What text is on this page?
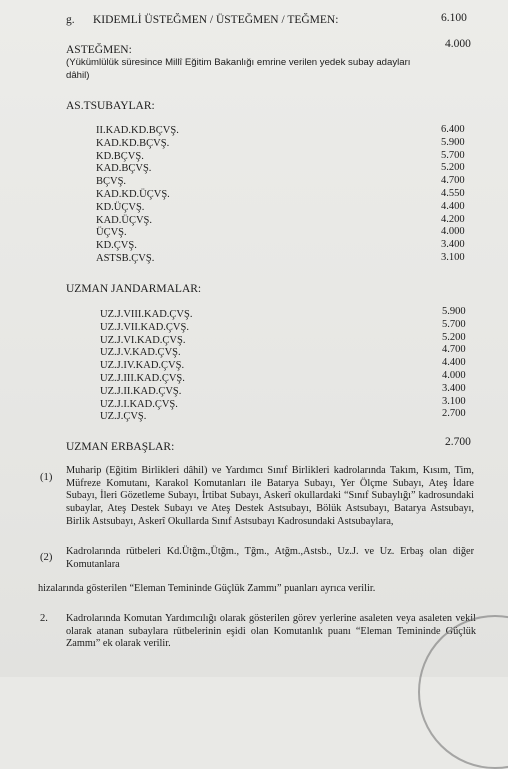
g. KIDEMLİ ÜSTEĞMEN / ÜSTEĞMEN / TEĞMEN:	6.100
ASTEĞMEN:	4.000
(Yükümlülük süresince Millî Eğitim Bakanlığı emrine verilen yedek subay adayları
dâhil)
AS.TSUBAYLAR:
II.KAD.KD.BÇVŞ.	6.400
KAD.KD.BÇVŞ.	5.900
KD.BÇVŞ.	5.700
KAD.BÇVŞ.	5.200
BÇVŞ.	4.700
KAD.KD.ÜÇVŞ.	4.550
KD.ÜÇVŞ.	4.400
KAD.ÜÇVŞ.	4.200
ÜÇVŞ.	4.000
KD.ÇVŞ.	3.400
ASTSB.ÇVŞ.	3.100
UZMAN JANDARMALAR:
UZ.J.VIII.KAD.ÇVŞ.	5.900
UZ.J.VII.KAD.ÇVŞ.	5.700
UZ.J.VI.KAD.ÇVŞ.	5.200
UZ.J.V.KAD.ÇVŞ.	4.700
UZ.J.IV.KAD.ÇVŞ.	4.400
UZ.J.III.KAD.ÇVŞ.	4.000
UZ.J.II.KAD.ÇVŞ.	3.400
UZ.J.I.KAD.ÇVŞ.	3.100
UZ.J.ÇVŞ.	2.700
UZMAN ERBAŞLAR:	2.700
(1)
Muharip (Eğitim Birlikleri dâhil) ve Yardımcı Sınıf Birlikleri kadrolarında Takım, Kısım, Tim, Müfreze Komutanı, Karakol Komutanları ile Batarya Subayı, Yer Ölçme Subayı, Ateş İdare Subayı, İleri Gözetleme Subayı, İrtibat Subayı, Askerî okullardaki “Sınıf Subaylığı” kadrosundaki subaylar, Ateş Destek Subayı ve Ateş Destek Astsubayı, Bölük Astsubayı, Batarya Astsubayı, Birlik Astsubayı, Askerî Okullarda Sınıf Astsubayı Kadrosundaki Astsubaylara,
(2)
Kadrolarında rütbeleri Kd.Ütğm.,Ütğm., Tğm., Atğm.,Astsb., Uz.J. ve Uz. Erbaş olan diğer Komutanlara
hizalarında gösterilen “Eleman Temininde Güçlük Zammı” puanları ayrıca verilir.
2. Kadrolarında Komutan Yardımcılığı olarak gösterilen görev yerlerine asaleten veya asaleten vekil olarak atanan subaylara rütbelerinin eşidi olan Komutanlık puanı “Eleman Temininde Güçlük Zammı” ek olarak verilir.
